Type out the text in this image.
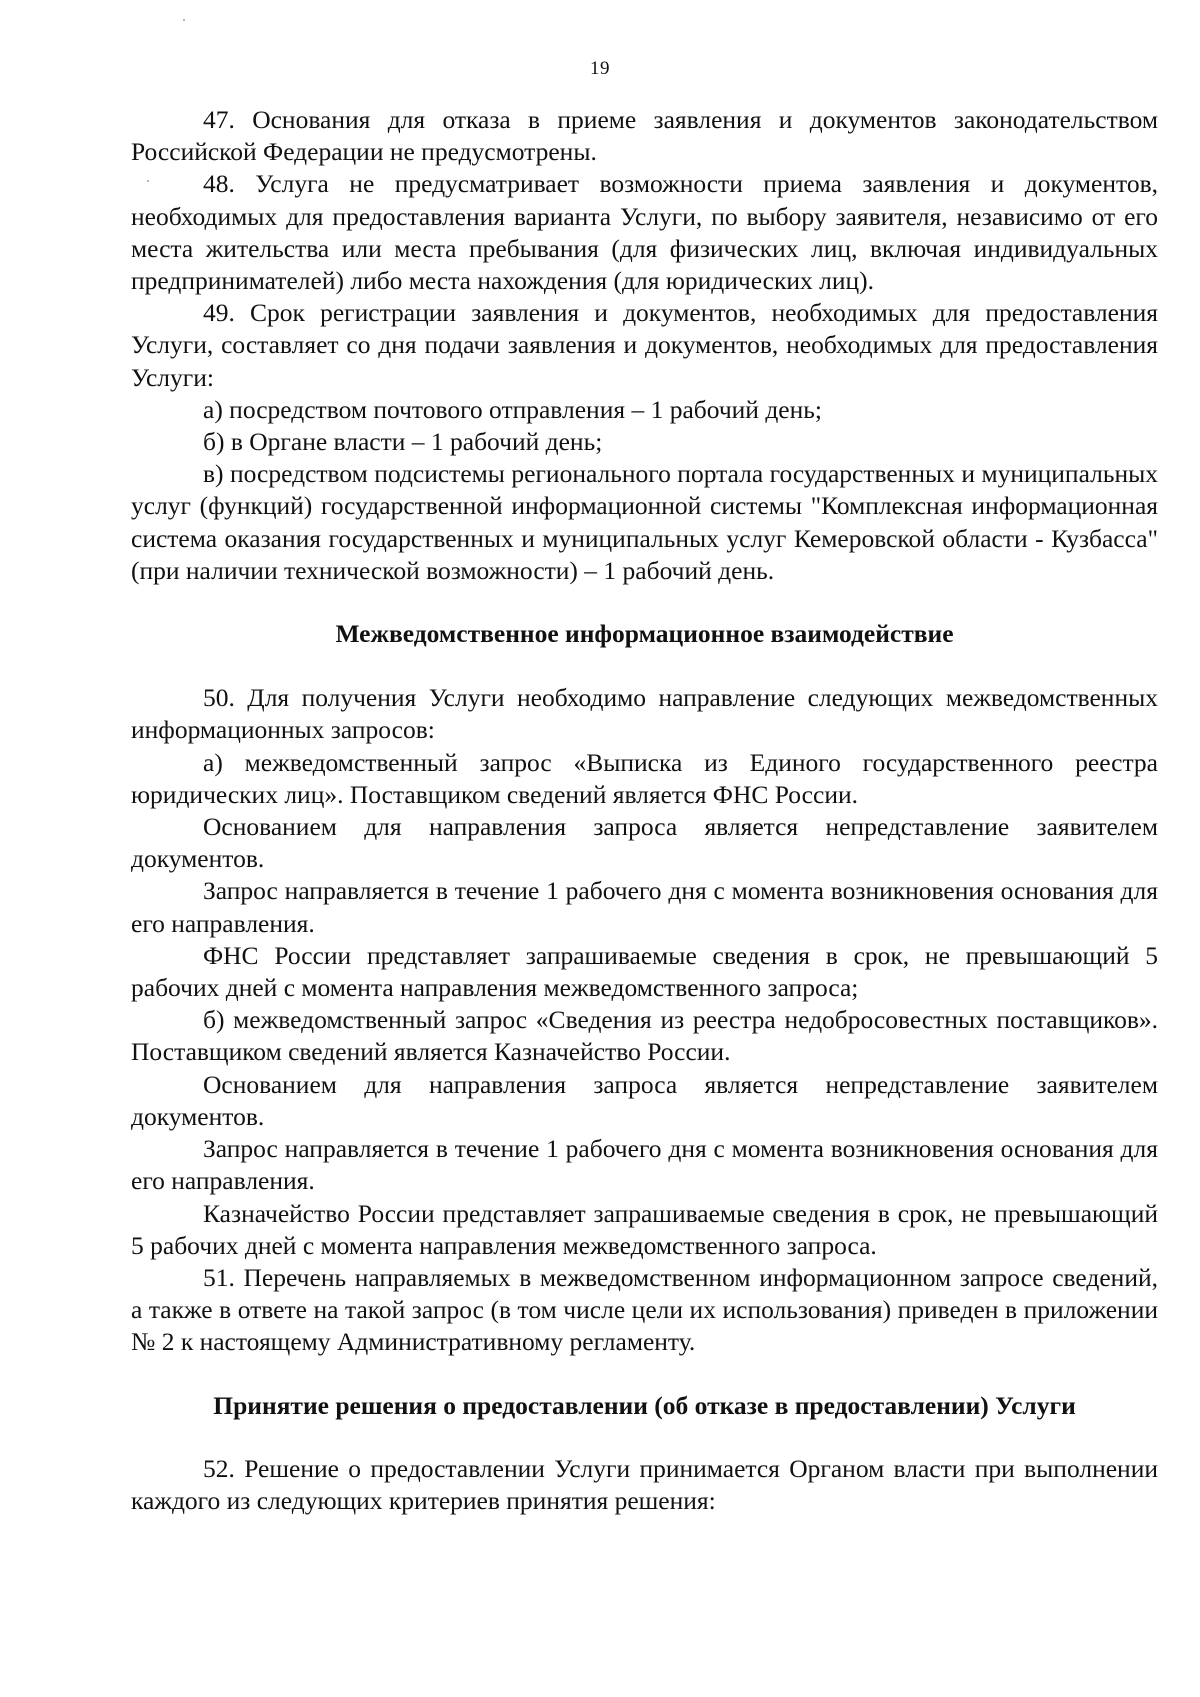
19

47. Основания для отказа в приеме заявления и документов законодательством Российской Федерации не предусмотрены.

48. Услуга не предусматривает возможности приема заявления и документов, необходимых для предоставления варианта Услуги, по выбору заявителя, независимо от его места жительства или места пребывания (для физических лиц, включая индивидуальных предпринимателей) либо места нахождения (для юридических лиц).

49. Срок регистрации заявления и документов, необходимых для предоставления Услуги, составляет со дня подачи заявления и документов, необходимых для предоставления Услуги:

а) посредством почтового отправления – 1 рабочий день;

б) в Органе власти – 1 рабочий день;

в) посредством подсистемы регионального портала государственных и муниципальных услуг (функций) государственной информационной системы "Комплексная информационная система оказания государственных и муниципальных услуг Кемеровской области - Кузбасса" (при наличии технической возможности) – 1 рабочий день.

Межведомственное информационное взаимодействие

50. Для получения Услуги необходимо направление следующих межведомственных информационных запросов:

а) межведомственный запрос «Выписка из Единого государственного реестра юридических лиц». Поставщиком сведений является ФНС России.

Основанием для направления запроса является непредставление заявителем документов.

Запрос направляется в течение 1 рабочего дня с момента возникновения основания для его направления.

ФНС России представляет запрашиваемые сведения в срок, не превышающий 5 рабочих дней с момента направления межведомственного запроса;

б) межведомственный запрос «Сведения из реестра недобросовестных поставщиков». Поставщиком сведений является Казначейство России.

Основанием для направления запроса является непредставление заявителем документов.

Запрос направляется в течение 1 рабочего дня с момента возникновения основания для его направления.

Казначейство России представляет запрашиваемые сведения в срок, не превышающий 5 рабочих дней с момента направления межведомственного запроса.

51. Перечень направляемых в межведомственном информационном запросе сведений, а также в ответе на такой запрос (в том числе цели их использования) приведен в приложении № 2 к настоящему Административному регламенту.

Принятие решения о предоставлении (об отказе в предоставлении) Услуги

52. Решение о предоставлении Услуги принимается Органом власти при выполнении каждого из следующих критериев принятия решения:
